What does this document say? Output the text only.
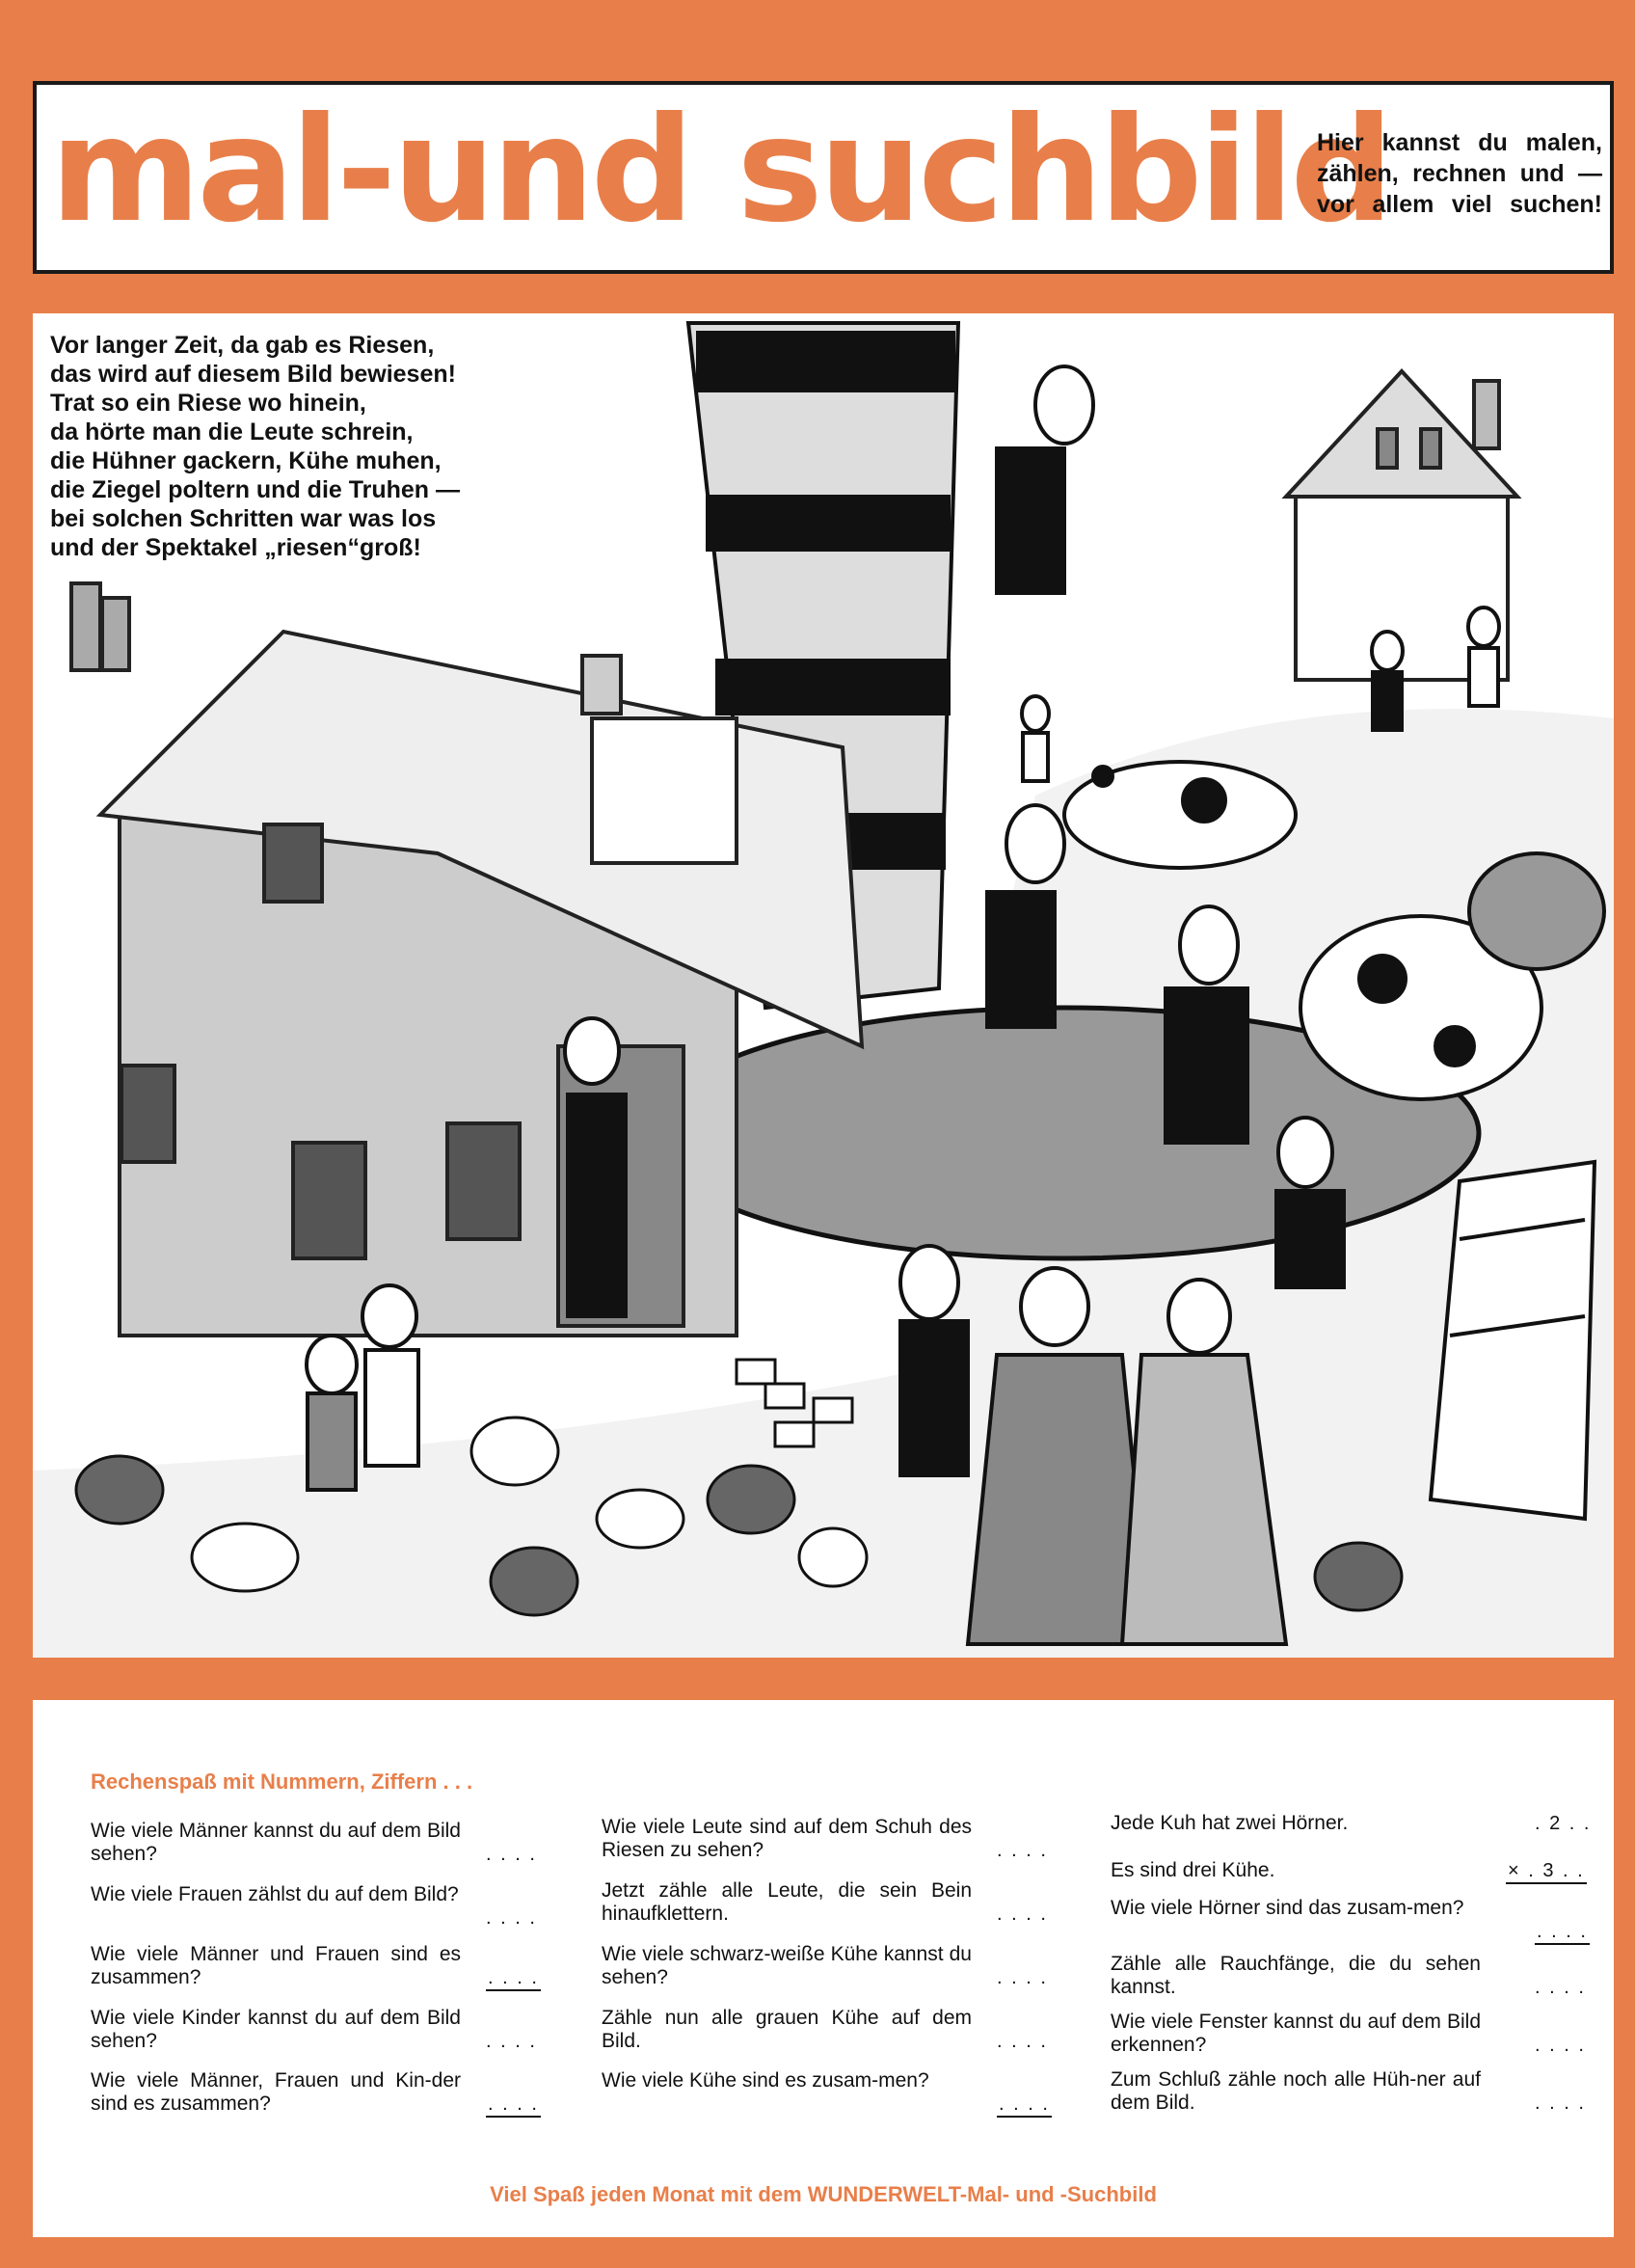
mal-und suchbild
Hier kannst du malen,
zählen, rechnen und —
vor allem viel suchen!
Vor langer Zeit, da gab es Riesen,
das wird auf diesem Bild bewiesen!
Trat so ein Riese wo hinein,
da hörte man die Leute schrein,
die Hühner gackern, Kühe muhen,
die Ziegel poltern und die Truhen —
bei solchen Schritten war was los
und der Spektakel „riesen“groß!
Rechenspaß mit Nummern, Ziffern . . .
Wie viele Männer kannst du auf dem Bild sehen?	. . . .
Wie viele Frauen zählst du auf dem Bild?
. . . .
Wie viele Männer und Frauen sind es zusammen?	. . . .
Wie viele Kinder kannst du auf dem Bild sehen?	. . . .
Wie viele Männer, Frauen und Kin-der sind es zusammen?	. . . .
Wie viele Leute sind auf dem Schuh des Riesen zu sehen?	. . . .
Jetzt zähle alle Leute, die sein Bein hinaufklettern.	. . . .
Wie viele schwarz-weiße Kühe kannst du sehen?	. . . .
Zähle nun alle grauen Kühe auf dem Bild.	. . . .
Wie viele Kühe sind es zusam-men?
. . . .
Jede Kuh hat zwei Hörner.	. 2 . .
Es sind drei Kühe.	× . 3 . .
Wie viele Hörner sind das zusam-men?
. . . .
Zähle alle Rauchfänge, die du sehen kannst.	. . . .
Wie viele Fenster kannst du auf dem Bild erkennen?	. . . .
Zum Schluß zähle noch alle Hüh-ner auf dem Bild.	. . . .
Viel Spaß jeden Monat mit dem WUNDERWELT-Mal- und -Suchbild
